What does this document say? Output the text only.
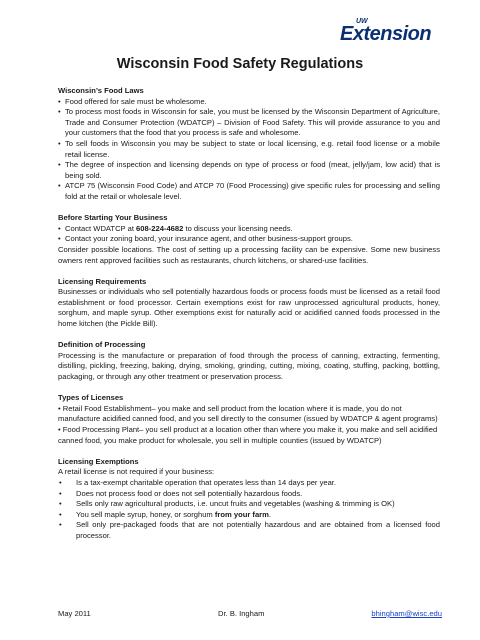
UW
Extension
Wisconsin Food Safety Regulations
Wisconsin’s Food Laws
• Food offered for sale must be wholesome.
• To process most foods in Wisconsin for sale, you must be licensed by the Wisconsin Department of Agriculture, Trade and Consumer Protection (WDATCP) – Division of Food Safety. This will provide assurance to you and your customers that the food that you process is safe and wholesome.
• To sell foods in Wisconsin you may be subject to state or local licensing, e.g. retail food license or a mobile retail license.
• The degree of inspection and licensing depends on type of process or food (meat, jelly/jam, low acid) that is being sold.
• ATCP 75 (Wisconsin Food Code) and ATCP 70 (Food Processing) give specific rules for processing and selling fold at the retail or wholesale level.
Before Starting Your Business
• Contact WDATCP at 608-224-4682 to discuss your licensing needs.
• Contact your zoning board, your insurance agent, and other business-support groups.

Consider possible locations. The cost of setting up a processing facility can be expensive. Some new business owners rent approved facilities such as restaurants, church kitchens, or shared-use facilities.

Licensing Requirements

Businesses or individuals who sell potentially hazardous foods or process foods must be licensed as a retail food establishment or food processor. Certain exemptions exist for raw unprocessed agricultural products, honey, sorghum, and maple syrup. Other exemptions exist for naturally acid or acidified canned foods processed in the home kitchen (the Pickle Bill).

Definition of Processing

Processing is the manufacture or preparation of food through the process of canning, extracting, fermenting, distilling, pickling, freezing, baking, drying, smoking, grinding, cutting, mixing, coating, stuffing, packing, bottling, packaging, or through any other treatment or preservation process.

Types of Licenses

• Retail Food Establishment– you make and sell product from the location where it is made, you do not manufacture acidified canned food, and you sell directly to the consumer (issued by WDATCP & agent programs)

• Food Processing Plant– you sell product at a location other than where you make it, you make and sell acidified canned food, you make product for wholesale, you sell in multiple counties (issued by WDATCP)

Licensing Exemptions

A retail license is not required if your business:

• Is a tax-exempt charitable operation that operates less than 14 days per year.
• Does not process food or does not sell potentially hazardous foods.
• Sells only raw agricultural products, i.e. uncut fruits and vegetables (washing & trimming is OK)
• You sell maple syrup, honey, or sorghum from your farm.
• Sell only pre-packaged foods that are not potentially hazardous and are obtained from a licensed food processor.
May 2011	Dr. B. Ingham	bhingham@wisc.edu
